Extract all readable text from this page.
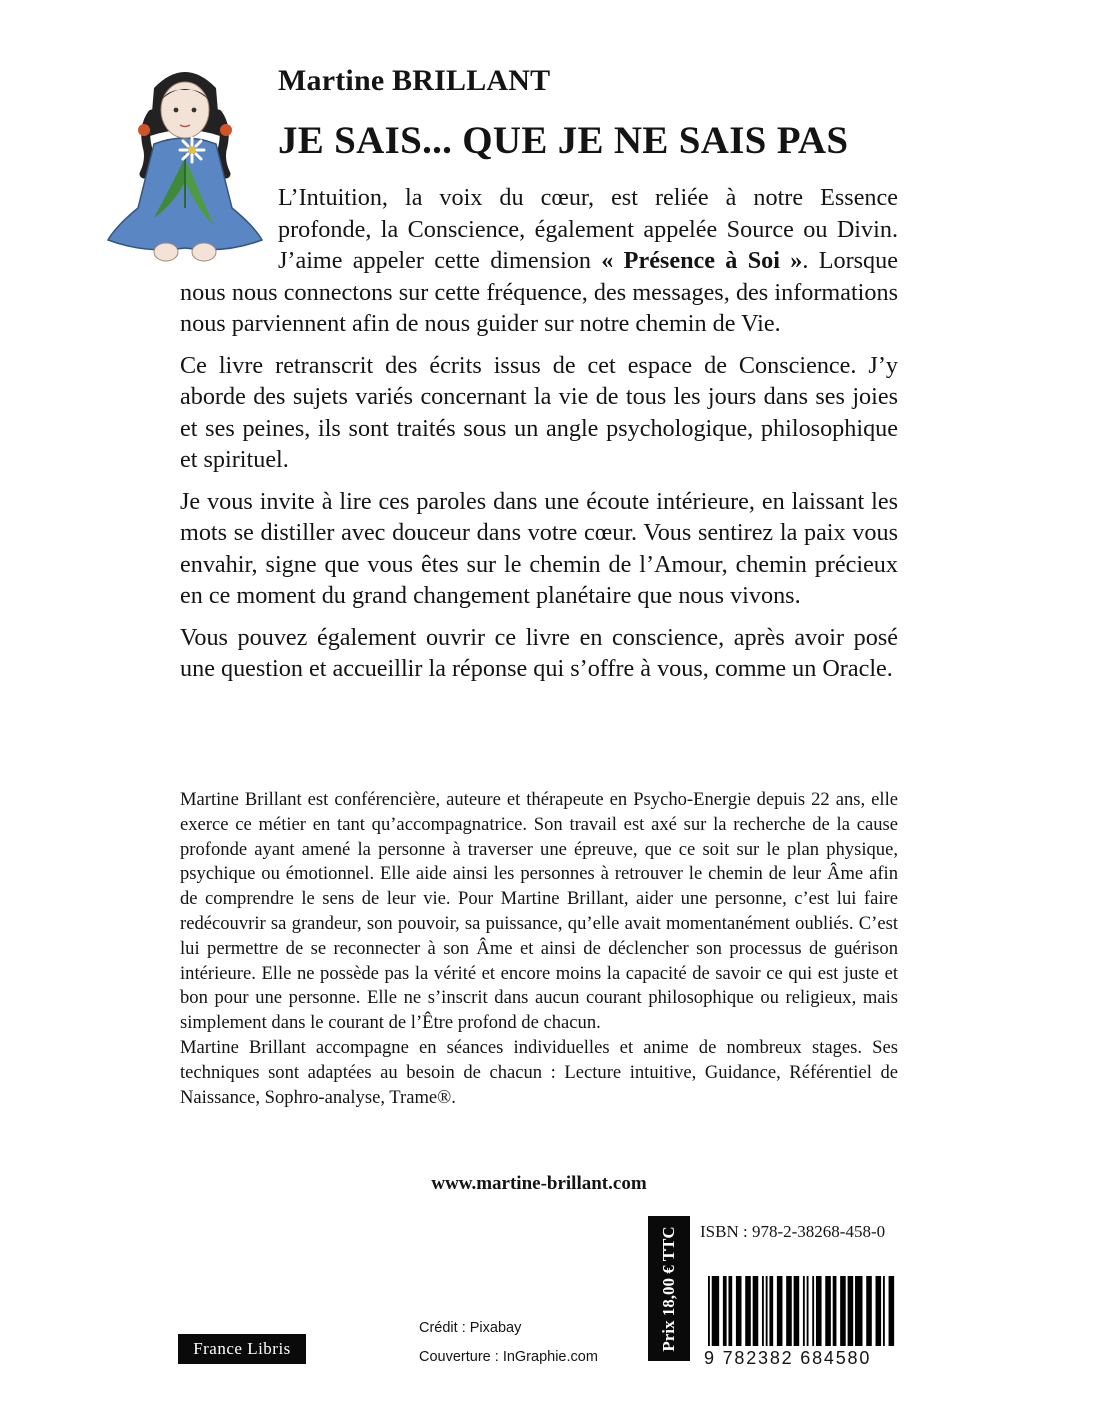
Martine BRILLANT
JE SAIS... QUE JE NE SAIS PAS

L’Intuition, la voix du cœur, est reliée à notre Essence profonde, la Conscience, également appelée Source ou Divin. J’aime appeler cette dimension « Présence à Soi ». Lorsque nous nous connectons sur cette fréquence, des messages, des informations nous parviennent afin de nous guider sur notre chemin de Vie.

Ce livre retranscrit des écrits issus de cet espace de Conscience. J’y aborde des sujets variés concernant la vie de tous les jours dans ses joies et ses peines, ils sont traités sous un angle psychologique, philosophique et spirituel.

Je vous invite à lire ces paroles dans une écoute intérieure, en laissant les mots se distiller avec douceur dans votre cœur. Vous sentirez la paix vous envahir, signe que vous êtes sur le chemin de l’Amour, chemin précieux en ce moment du grand changement planétaire que nous vivons.

Vous pouvez également ouvrir ce livre en conscience, après avoir posé une question et accueillir la réponse qui s’offre à vous, comme un Oracle.

Martine Brillant est conférencière, auteure et thérapeute en Psycho-Energie depuis 22 ans, elle exerce ce métier en tant qu’accompagnatrice. Son travail est axé sur la recherche de la cause profonde ayant amené la personne à traverser une épreuve, que ce soit sur le plan physique, psychique ou émotionnel. Elle aide ainsi les personnes à retrouver le chemin de leur Âme afin de comprendre le sens de leur vie. Pour Martine Brillant, aider une personne, c’est lui faire redécouvrir sa grandeur, son pouvoir, sa puissance, qu’elle avait momentanément oubliés. C’est lui permettre de se reconnecter à son Âme et ainsi de déclencher son processus de guérison intérieure. Elle ne possède pas la vérité et encore moins la capacité de savoir ce qui est juste et bon pour une personne. Elle ne s’inscrit dans aucun courant philosophique ou religieux, mais simplement dans le courant de l’Être profond de chacun.

Martine Brillant accompagne en séances individuelles et anime de nombreux stages. Ses techniques sont adaptées au besoin de chacun : Lecture intuitive, Guidance, Référentiel de Naissance, Sophro-analyse, Trame®.

www.martine-brillant.com

France Libris

Crédit : Pixabay

Couverture : InGraphie.com

Prix 18,00 € TTC ISBN : 978-2-38268-458-0

9 782382 684580
